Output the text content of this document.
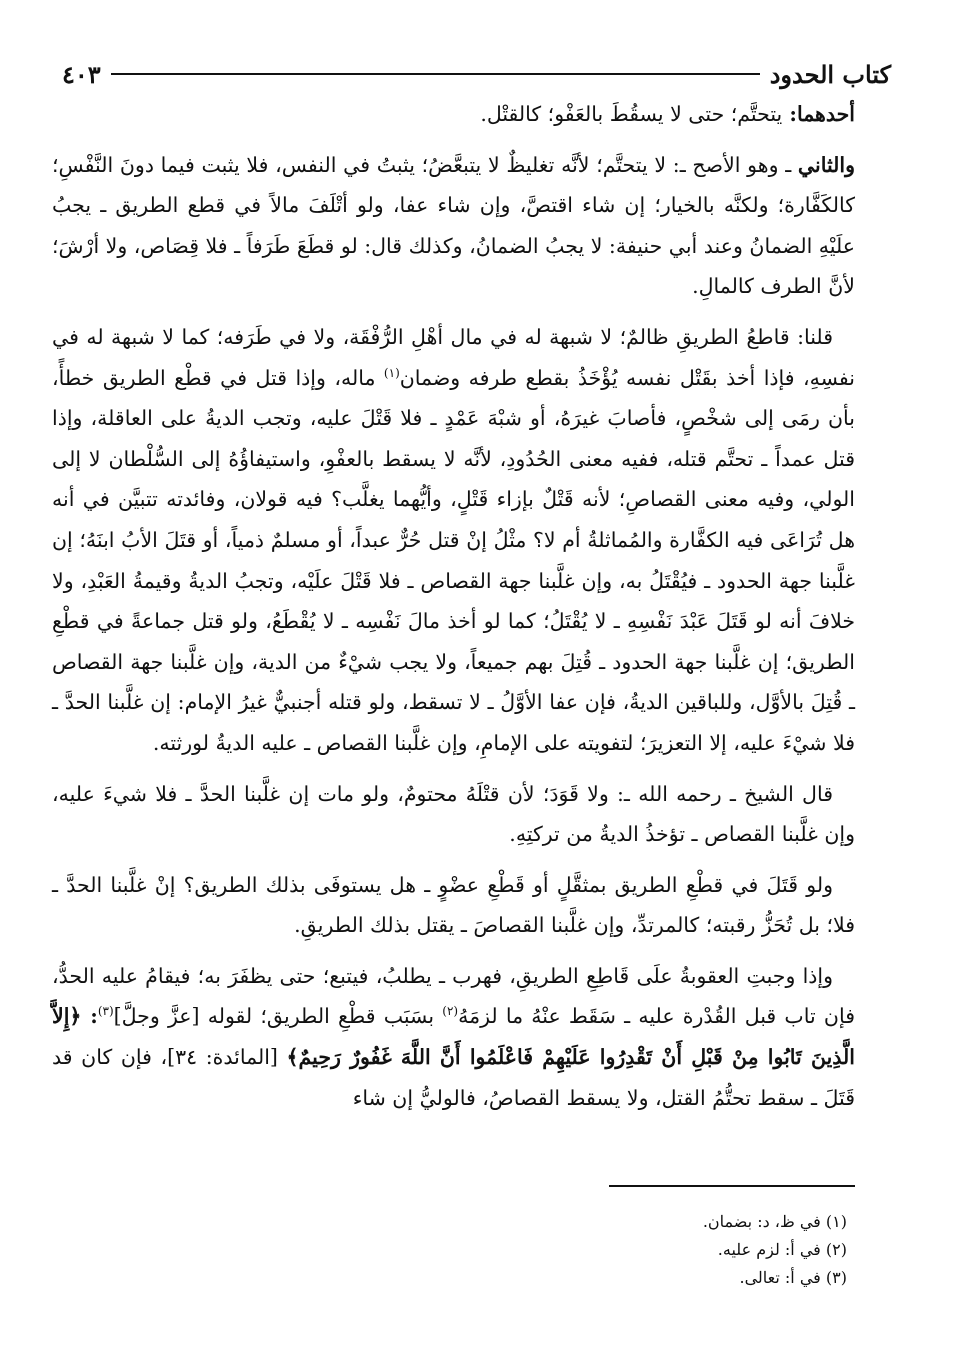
كتاب الحدود
٤٠٣

أحدهما: يتحتَّم؛ حتى لا يسقُطَ بالعَفْو؛ كالقتْل.

والثاني ـ وهو الأصح ـ: لا يتحتَّم؛ لأنَّه تغليظٌ لا يتبعَّضُ؛ يثبتُ في النفس، فلا يثبت فيما دونَ النَّفْسِ؛ كالكَفَّارة؛ ولكنَّه بالخيار؛ إن شاء اقتصَّ، وإن شاء عفا، ولو أتْلَفَ مالاً في قطع الطريق ـ يجبُ علَيْهِ الضمانُ وعند أبي حنيفة: لا يجبُ الضمانُ، وكذلك قال: لو قطَعَ طَرَفاً ـ فلا قِصَاص، ولا أرْشَ؛ لأنَّ الطرف كالمالِ.

قلنا: قاطعُ الطريقِ ظالمٌ؛ لا شبهة له في مال أهْلِ الرُّفْقَة، ولا في طَرَفه؛ كما لا شبهة له في نفسِهِ، فإذا أخذ بقَتْل نفسه يُؤْخَذُ بقطع طرفه وضمان$^{(١)}$ ماله، وإذا قتل في قطْع الطريق خطأً، بأن رمَى إلى شخْصٍ، فأصابَ غيرَهُ، أو شبْهَ عَمْدٍ ـ فلا قَتْلَ عليه، وتجب الديةُ على العاقلة، وإذا قتل عمداً ـ تحتَّم قتله، ففيه معنى الحُدُودِ، لأنَّه لا يسقط بالعفْوِ، واستيفاؤُهُ إلى السُّلْطان لا إلى الولي، وفيه معنى القصاصِ؛ لأنه قَتْلٌ بإزاء قَتْلٍ، وأيُّهما يغلَّب؟ فيه قولان، وفائدته تتبيَّن في أنه هل تُرَاعَى فيه الكفَّارة والمُماثلةُ أم لا؟ مثْلُ إنْ قتل حُرٌّ عبداً، أو مسلمٌ ذمياً، أو قتَلَ الأبُ ابنَهُ؛ إن غلَّبنا جهة الحدود ـ فيُقْتَلُ به، وإن غلَّبنا جهة القصاص ـ فلا قَتْلَ علَيْه، وتجبُ الديةُ وقيمةُ العَبْدِ، ولا خلافَ أنه لو قَتَلَ عَبْدَ نَفْسِهِ ـ لا يُقْتَلُ؛ كما لو أخذ مالَ نَفْسِه ـ لا يُقْطَعُ، ولو قتل جماعةً في قطْعِ الطريق؛ إن غلَّبنا جهة الحدود ـ قُتِلَ بهم جميعاً، ولا يجب شيْءٌ من الدية، وإن غلَّبنا جهة القصاص ـ قُتِلَ بالأوَّل، وللباقين الديةُ، فإن عفا الأوَّلُ ـ لا تسقط، ولو قتله أجنبيٌّ غيرُ الإمام: إن غلَّبنا الحدَّ ـ فلا شيْءَ عليه، إلا التعزيرَ؛ لتفويته على الإمامِ، وإن غلَّبنا القصاص ـ عليه الديةُ لورثته.

قال الشيخ ـ رحمه الله ـ: ولا قَوَدَ؛ لأن قتْلَهُ محتومٌ، ولو مات إن غلَّبنا الحدَّ ـ فلا شيءَ عليه، وإن غلَّبنا القصاص ـ تؤخذُ الديةُ من تركتِهِ.

ولو قَتَلَ في قطْعِ الطريق بمثقَّلٍ أو قَطْعِ عضْوٍ ـ هل يستوفَى بذلك الطريق؟ إنْ غلَّبنا الحدَّ ـ فلا؛ بل تُحَزُّ رقبته؛ كالمرتدِّ، وإن غلَّبنا القصاصَ ـ يقتل بذلك الطريقِ.

وإذا وجبتِ العقوبةُ علَى قَاطِعِ الطريقِ، فهرب ـ يطلبُ، فيتبع؛ حتى يظفَرَ به؛ فيقامُ عليه الحدُّ، فإن تاب قبل القُدْرة عليه ـ سَقَط عنْهُ ما لزمَهُ$^{(٢)}$ بسَبَب قطْعِ الطريق؛ لقوله [عزَّ وجلَّ]$^{(٣)}$: ﴿إِلاَّ الَّذِينَ تَابُوا مِنْ قَبْلِ أَنْ تَقْدِرُوا عَلَيْهِمْ فَاعْلَمُوا أَنَّ اللَّهَ غَفُورٌ رَحِيمٌ﴾ [المائدة: ٣٤]، فإن كان قد قَتَلَ ـ سقط تحتُّمُ القتل، ولا يسقط القصاصُ، فالوليُّ إن شاء

(١) في ظ، د: بضمان.
(٢) في أ: لزم عليه.
(٣) في أ: تعالى.
